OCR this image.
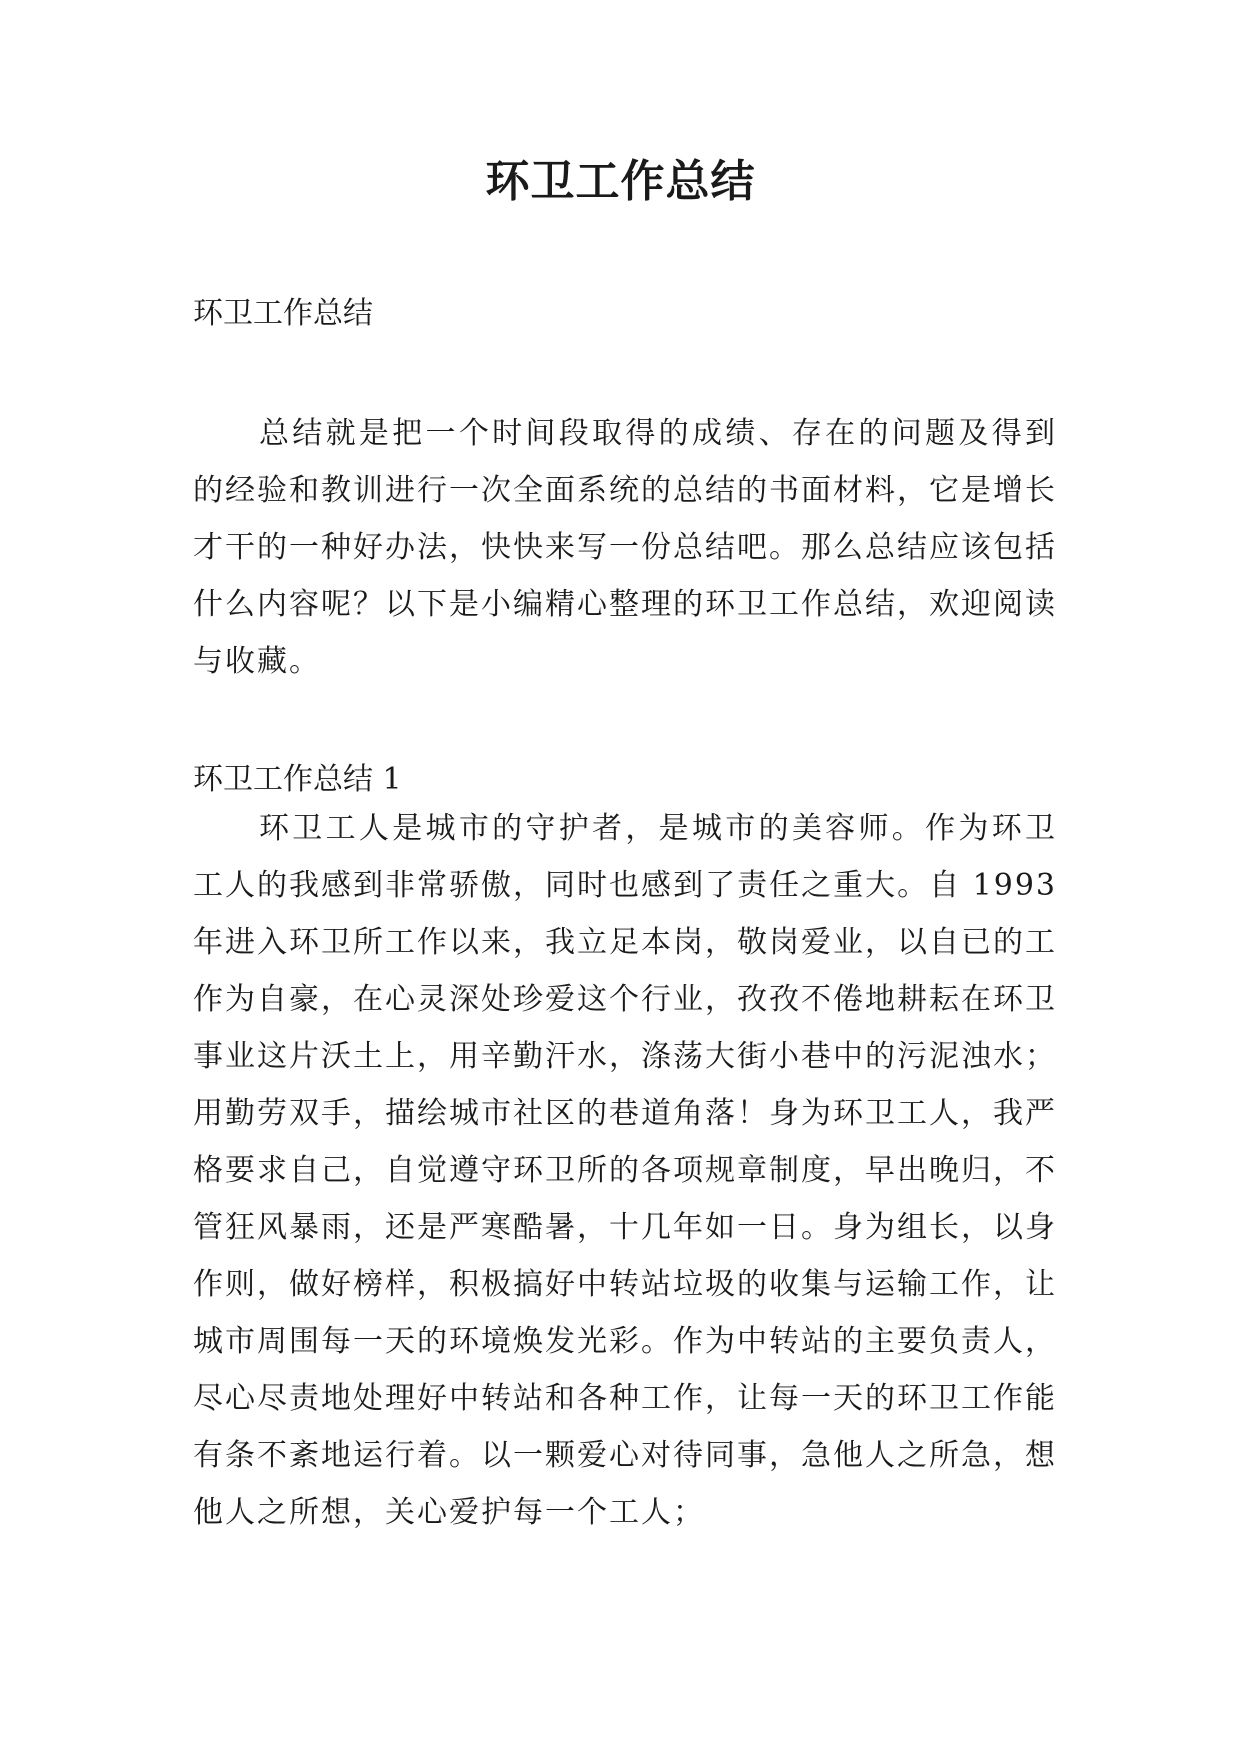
环卫工作总结

环卫工作总结

总结就是把一个时间段取得的成绩、存在的问题及得到的经验和教训进行一次全面系统的总结的书面材料，它是增长才干的一种好办法，快快来写一份总结吧。那么总结应该包括什么内容呢？以下是小编精心整理的环卫工作总结，欢迎阅读与收藏。

环卫工作总结 1

环卫工人是城市的守护者，是城市的美容师。作为环卫工人的我感到非常骄傲，同时也感到了责任之重大。自 1993 年进入环卫所工作以来，我立足本岗，敬岗爱业，以自已的工作为自豪，在心灵深处珍爱这个行业，孜孜不倦地耕耘在环卫事业这片沃土上，用辛勤汗水，涤荡大街小巷中的污泥浊水；用勤劳双手，描绘城市社区的巷道角落！身为环卫工人，我严格要求自己，自觉遵守环卫所的各项规章制度，早出晚归，不管狂风暴雨，还是严寒酷暑，十几年如一日。身为组长，以身作则，做好榜样，积极搞好中转站垃圾的收集与运输工作，让城市周围每一天的环境焕发光彩。作为中转站的主要负责人，尽心尽责地处理好中转站和各种工作，让每一天的环卫工作能有条不紊地运行着。以一颗爱心对待同事，急他人之所急，想他人之所想，关心爱护每一个工人；
